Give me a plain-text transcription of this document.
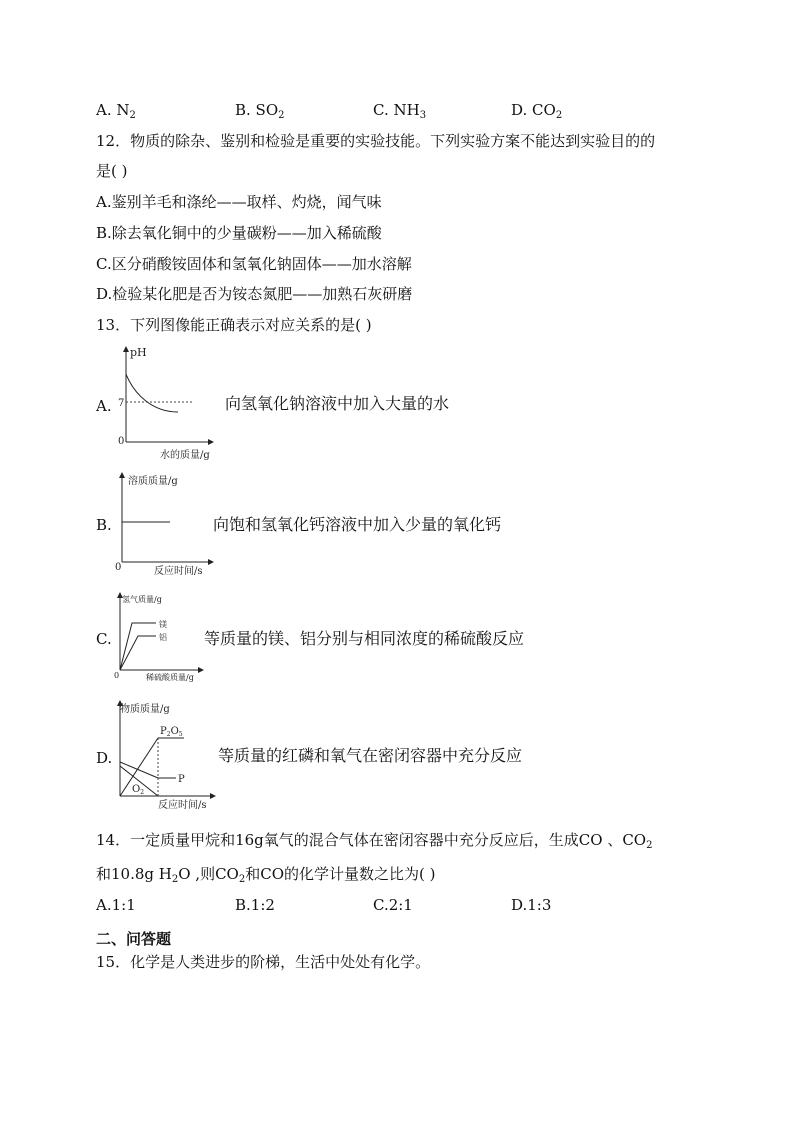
A. $N_2$	B. $SO_2$	C. $NH_3$	D. $CO_2$
12．物质的除杂、鉴别和检验是重要的实验技能。下列实验方案不能达到实验目的的
是( )
A.鉴别羊毛和涤纶——取样、灼烧，闻气味
B.除去氧化铜中的少量碳粉——加入稀硫酸
C.区分硝酸铵固体和氢氧化钠固体——加水溶解
D.检验某化肥是否为铵态氮肥——加熟石灰研磨
13．下列图像能正确表示对应关系的是( )
A.
pH
7
0
水的质量/g
向氢氧化钠溶液中加入大量的水
B.
溶质质量/g
0	反应时间/s
向饱和氢氧化钙溶液中加入少量的氧化钙
C.
氢气质量/g
镁
铝
0	稀硫酸质量/g
等质量的镁、铝分别与相同浓度的稀硫酸反应
D.
物质质量/g
$P_2O_5$
P
$O_2$
反应时间/s
等质量的红磷和氧气在密闭容器中充分反应
14．一定质量甲烷和16g氧气的混合气体在密闭容器中充分反应后，生成CO 、$CO_2$
和10.8g $H_2O$ ,则$CO_2$和CO的化学计量数之比为( )
A.1:1	B.1:2	C.2:1	D.1:3
二、问答题
15．化学是人类进步的阶梯，生活中处处有化学。
